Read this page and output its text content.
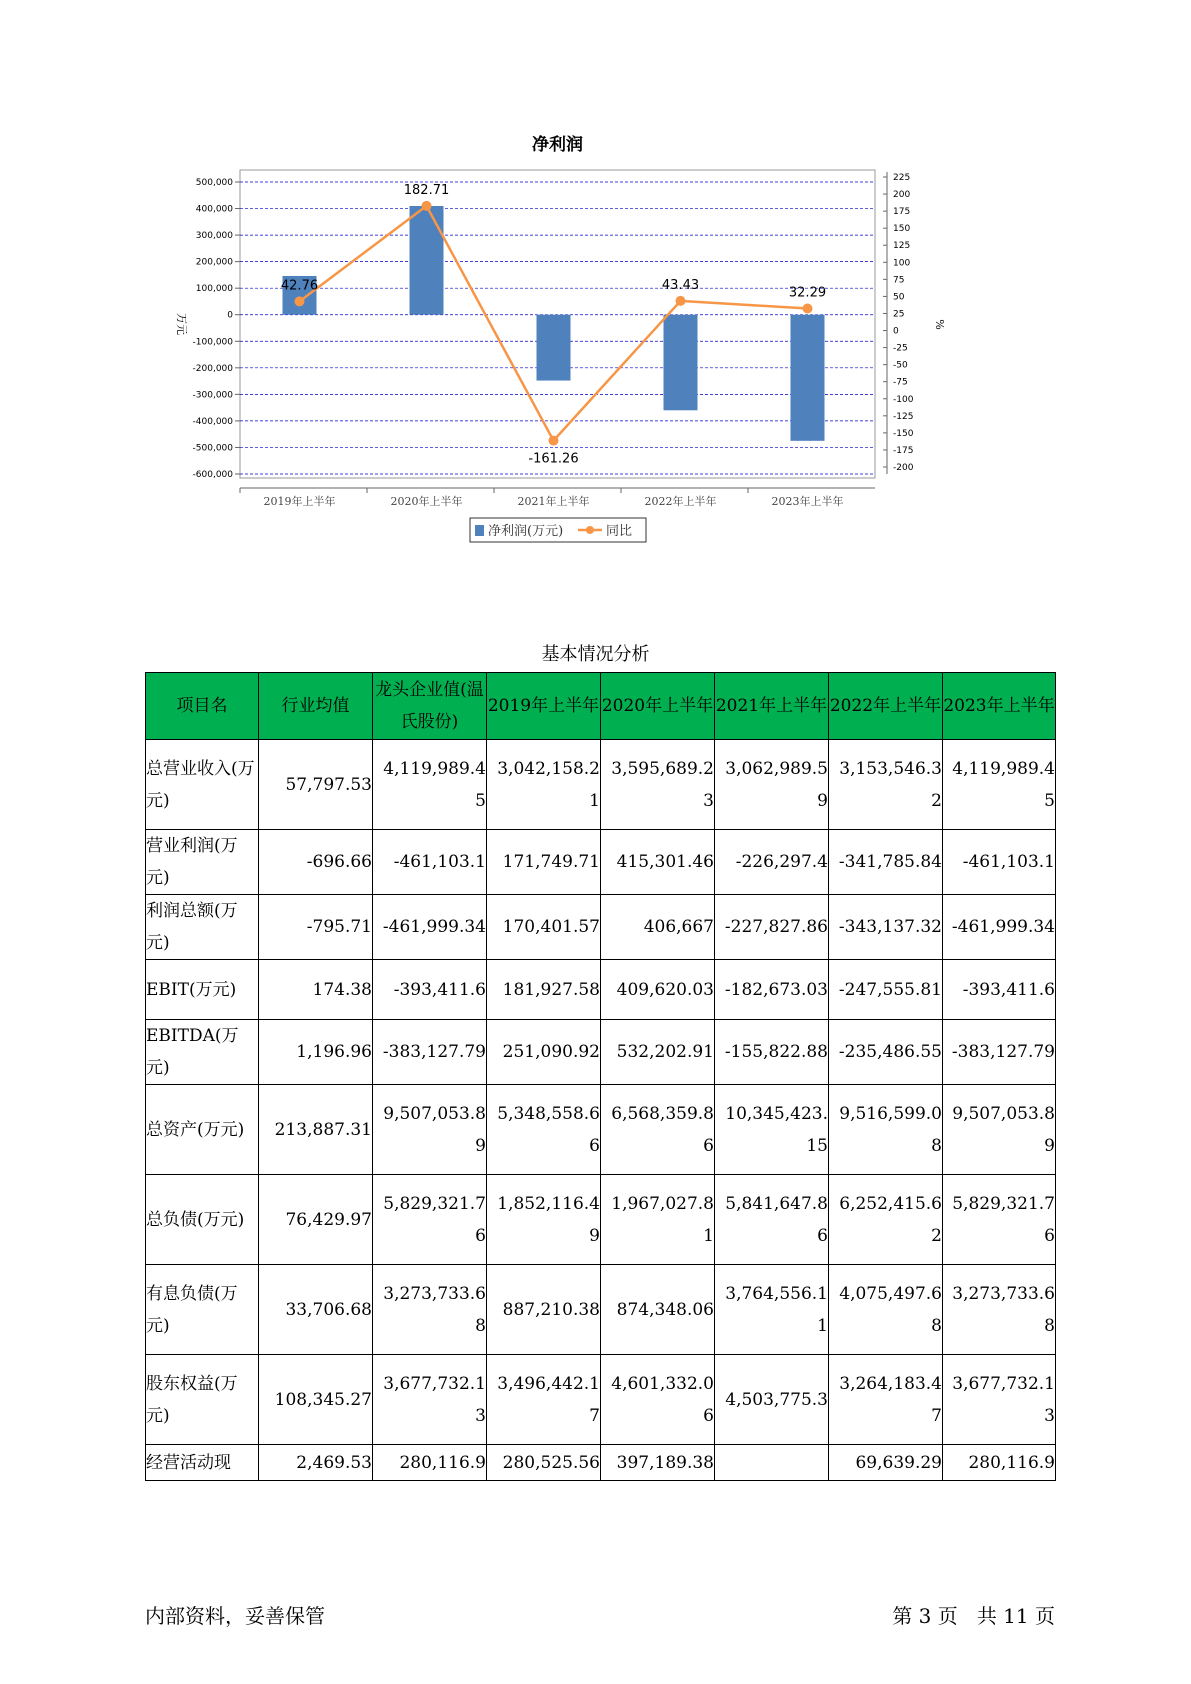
净利润
500,000
400,000
300,000
200,000
100,000
0
-100,000
-200,000
-300,000
-400,000
-500,000
-600,000
225
200
175
150
125
100
75
50
25
0
-25
-50
-75
-100
-125
-150
-175
-200
万元	%
2019年上半年	2020年上半年	2021年上半年	2022年上半年	2023年上半年
42.76
182.71
-161.26
43.43
32.29
净利润(万元)	同比
基本情况分析
项目名	行业均值	龙头企业值(温氏股份)	2019年上半年	2020年上半年	2021年上半年	2022年上半年	2023年上半年
总营业收入(万元)	57,797.53	4,119,989.45	3,042,158.21	3,595,689.23	3,062,989.59	3,153,546.32	4,119,989.45
营业利润(万元)	-696.66	-461,103.1	171,749.71	415,301.46	-226,297.4	-341,785.84	-461,103.1
利润总额(万元)	-795.71	-461,999.34	170,401.57	406,667	-227,827.86	-343,137.32	-461,999.34
EBIT(万元)	174.38	-393,411.6	181,927.58	409,620.03	-182,673.03	-247,555.81	-393,411.6
EBITDA(万元)	1,196.96	-383,127.79	251,090.92	532,202.91	-155,822.88	-235,486.55	-383,127.79
总资产(万元)	213,887.31	9,507,053.89	5,348,558.66	6,568,359.86	10,345,423.15	9,516,599.08	9,507,053.89
总负债(万元)	76,429.97	5,829,321.76	1,852,116.49	1,967,027.81	5,841,647.86	6,252,415.62	5,829,321.76
有息负债(万元)	33,706.68	3,273,733.68	887,210.38	874,348.06	3,764,556.11	4,075,497.68	3,273,733.68
股东权益(万元)	108,345.27	3,677,732.13	3,496,442.17	4,601,332.06	4,503,775.3	3,264,183.47	3,677,732.13
经营活动现	2,469.53	280,116.9	280,525.56	397,189.38		69,639.29	280,116.9
内部资料，妥善保管	第 3 页   共 11 页
